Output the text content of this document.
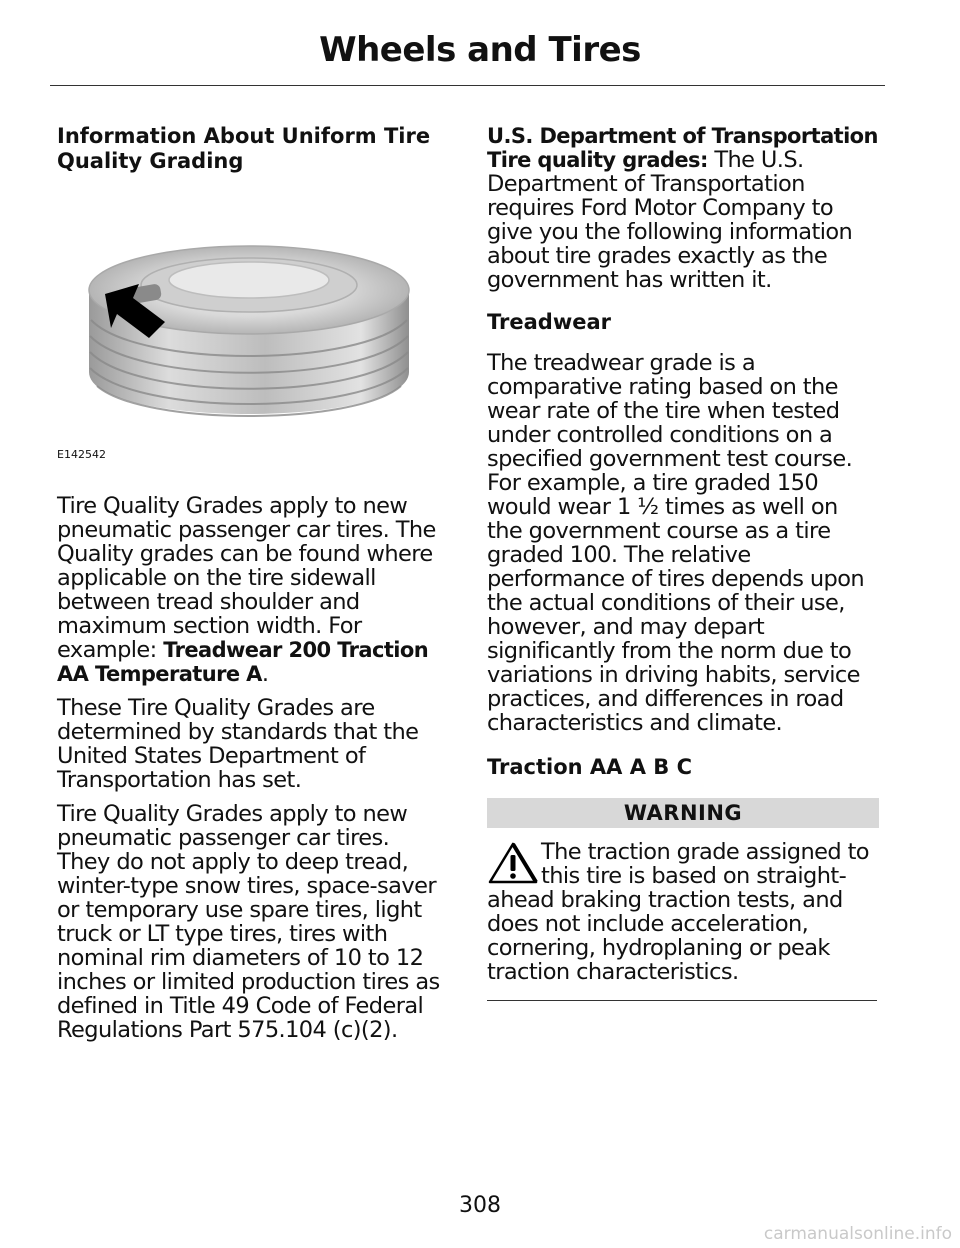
Wheels and Tires
Information About Uniform Tire Quality Grading
E142542

Tire Quality Grades apply to new pneumatic passenger car tires. The Quality grades can be found where applicable on the tire sidewall between tread shoulder and maximum section width. For example: Treadwear 200 Traction AA Temperature A.

These Tire Quality Grades are determined by standards that the United States Department of Transportation has set.

Tire Quality Grades apply to new pneumatic passenger car tires. They do not apply to deep tread, winter-type snow tires, space-saver or temporary use spare tires, light truck or LT type tires, tires with nominal rim diameters of 10 to 12 inches or limited production tires as defined in Title 49 Code of Federal Regulations Part 575.104 (c)(2).

U.S. Department of Transportation Tire quality grades: The U.S. Department of Transportation requires Ford Motor Company to give you the following information about tire grades exactly as the government has written it.

Treadwear

The treadwear grade is a comparative rating based on the wear rate of the tire when tested under controlled conditions on a specified government test course. For example, a tire graded 150 would wear 1 ½ times as well on the government course as a tire graded 100. The relative performance of tires depends upon the actual conditions of their use, however, and may depart significantly from the norm due to variations in driving habits, service practices, and differences in road characteristics and climate.

Traction AA A B C
WARNING

The traction grade assigned to this tire is based on straight-ahead braking traction tests, and does not include acceleration, cornering, hydroplaning or peak traction characteristics.

308
carmanualsonline.info
